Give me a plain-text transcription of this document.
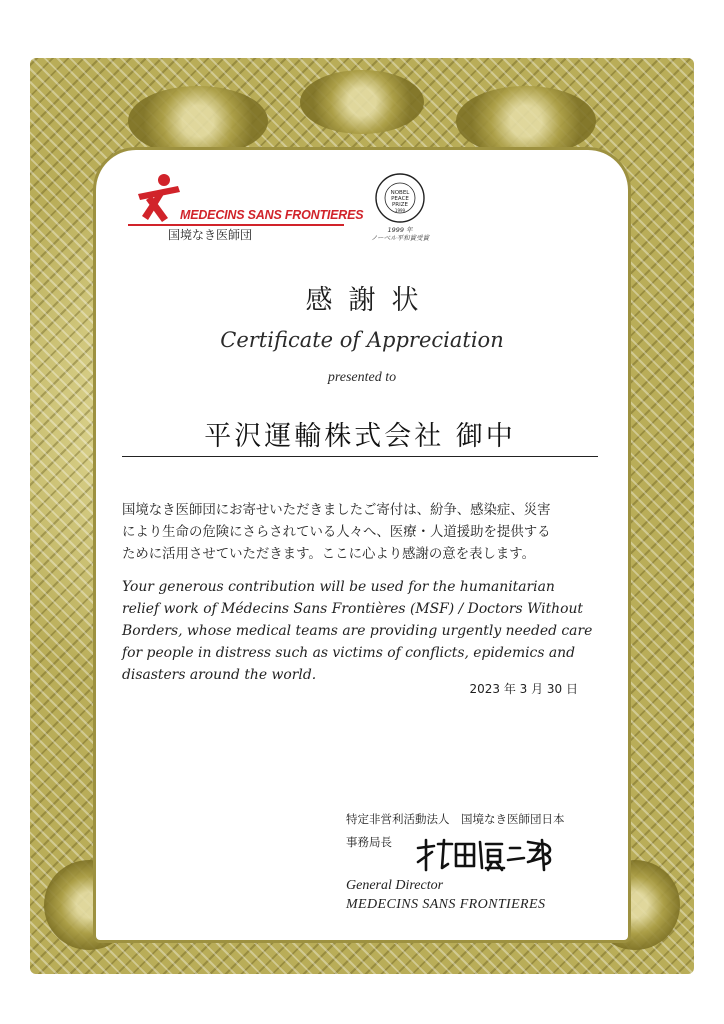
MEDECINS SANS FRONTIERES
国境なき医師団
NOBEL
PEACE
PRIZE
1999
1999 年
ノーベル平和賞受賞
感謝状
Certificate of Appreciation
presented to
平沢運輸株式会社 御中
国境なき医師団にお寄せいただきましたご寄付は、紛争、感染症、災害
により生命の危険にさらされている人々へ、医療・人道援助を提供する
ために活用させていただきます。ここに心より感謝の意を表します。
Your generous contribution will be used for the humanitarian
relief work of Médecins Sans Frontières (MSF) / Doctors Without
Borders, whose medical teams are providing urgently needed care
for people in distress such as victims of conflicts, epidemics and
disasters around the world.
2023 年 3 月 30 日
特定非営利活動法人　国境なき医師団日本
事務局長
General Director
MEDECINS SANS FRONTIERES
